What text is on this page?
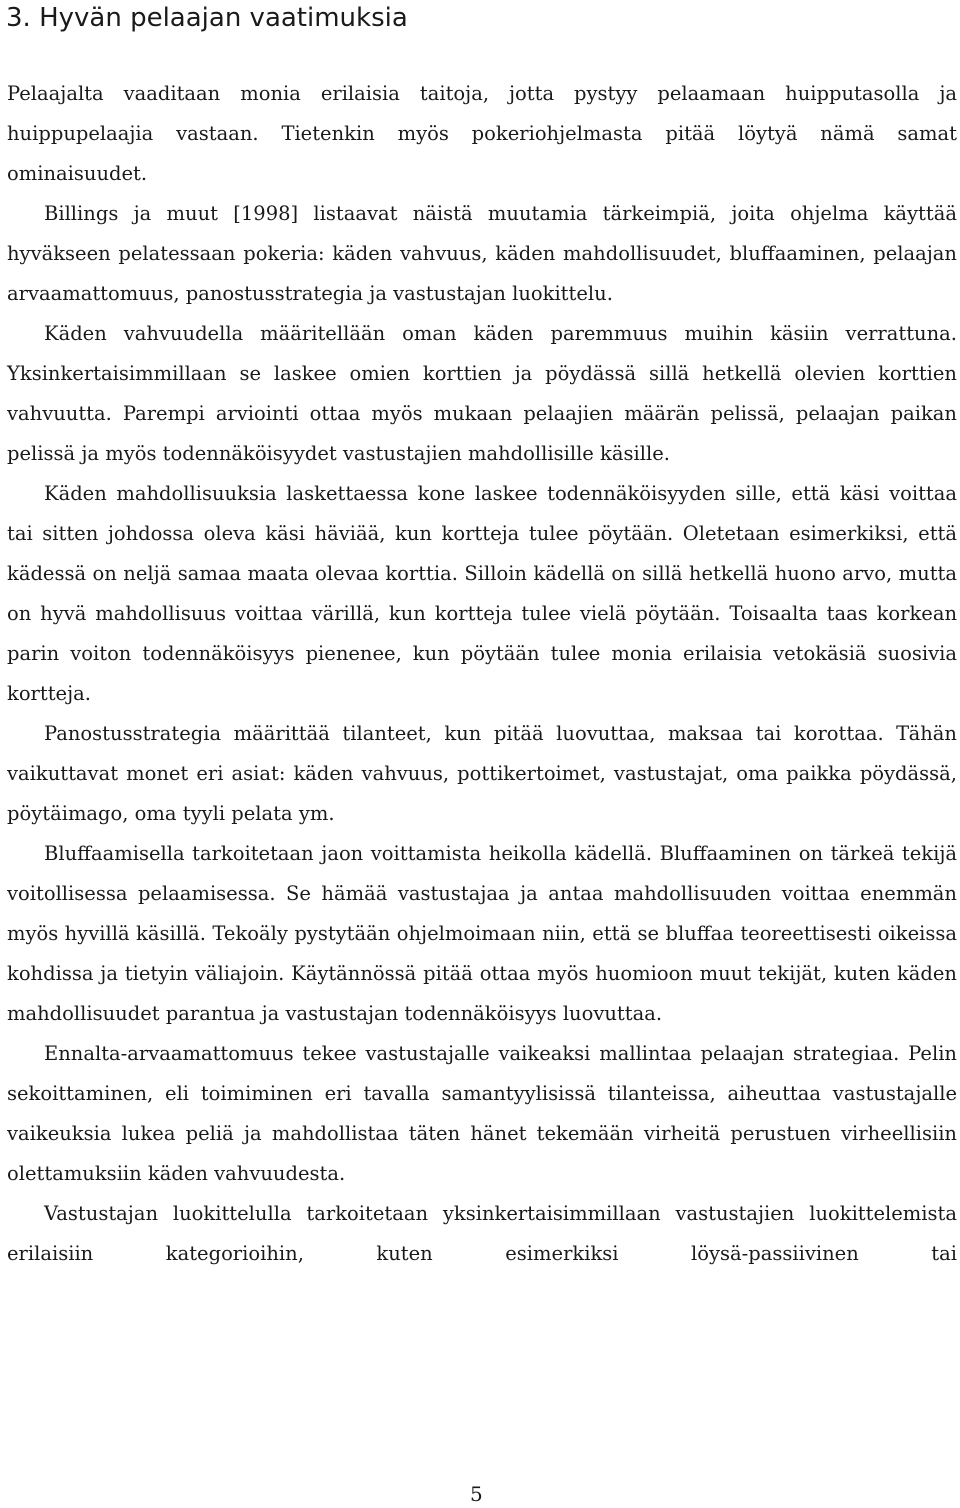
3. Hyvän pelaajan vaatimuksia

Pelaajalta vaaditaan monia erilaisia taitoja, jotta pystyy pelaamaan huipputasolla ja huippupelaajia vastaan. Tietenkin myös pokeriohjelmasta pitää löytyä nämä samat ominaisuudet.

Billings ja muut [1998] listaavat näistä muutamia tärkeimpiä, joita ohjelma käyttää hyväkseen pelatessaan pokeria: käden vahvuus, käden mahdollisuudet, bluffaaminen, pelaajan arvaamattomuus, panostusstrategia ja vastustajan luokittelu.

Käden vahvuudella määritellään oman käden paremmuus muihin käsiin verrattuna. Yksinkertaisimmillaan se laskee omien korttien ja pöydässä sillä hetkellä olevien korttien vahvuutta. Parempi arviointi ottaa myös mukaan pelaajien määrän pelissä, pelaajan paikan pelissä ja myös todennäköisyydet vastustajien mahdollisille käsille.

Käden mahdollisuuksia laskettaessa kone laskee todennäköisyyden sille, että käsi voittaa tai sitten johdossa oleva käsi häviää, kun kortteja tulee pöytään. Oletetaan esimerkiksi, että kädessä on neljä samaa maata olevaa korttia. Silloin kädellä on sillä hetkellä huono arvo, mutta on hyvä mahdollisuus voittaa värillä, kun kortteja tulee vielä pöytään. Toisaalta taas korkean parin voiton todennäköisyys pienenee, kun pöytään tulee monia erilaisia vetokäsiä suosivia kortteja.

Panostusstrategia määrittää tilanteet, kun pitää luovuttaa, maksaa tai korottaa. Tähän vaikuttavat monet eri asiat: käden vahvuus, pottikertoimet, vastustajat, oma paikka pöydässä, pöytäimago, oma tyyli pelata ym.

Bluffaamisella tarkoitetaan jaon voittamista heikolla kädellä. Bluffaaminen on tärkeä tekijä voitollisessa pelaamisessa. Se hämää vastustajaa ja antaa mahdollisuuden voittaa enemmän myös hyvillä käsillä. Tekoäly pystytään ohjelmoimaan niin, että se bluffaa teoreettisesti oikeissa kohdissa ja tietyin väliajoin. Käytännössä pitää ottaa myös huomioon muut tekijät, kuten käden mahdollisuudet parantua ja vastustajan todennäköisyys luovuttaa.

Ennalta-arvaamattomuus tekee vastustajalle vaikeaksi mallintaa pelaajan strategiaa. Pelin sekoittaminen, eli toimiminen eri tavalla samantyylisissä tilanteissa, aiheuttaa vastustajalle vaikeuksia lukea peliä ja mahdollistaa täten hänet tekemään virheitä perustuen virheellisiin olettamuksiin käden vahvuudesta.

Vastustajan luokittelulla tarkoitetaan yksinkertaisimmillaan vastustajien luokittelemista erilaisiin kategorioihin, kuten esimerkiksi löysä-passiivinen tai

5
